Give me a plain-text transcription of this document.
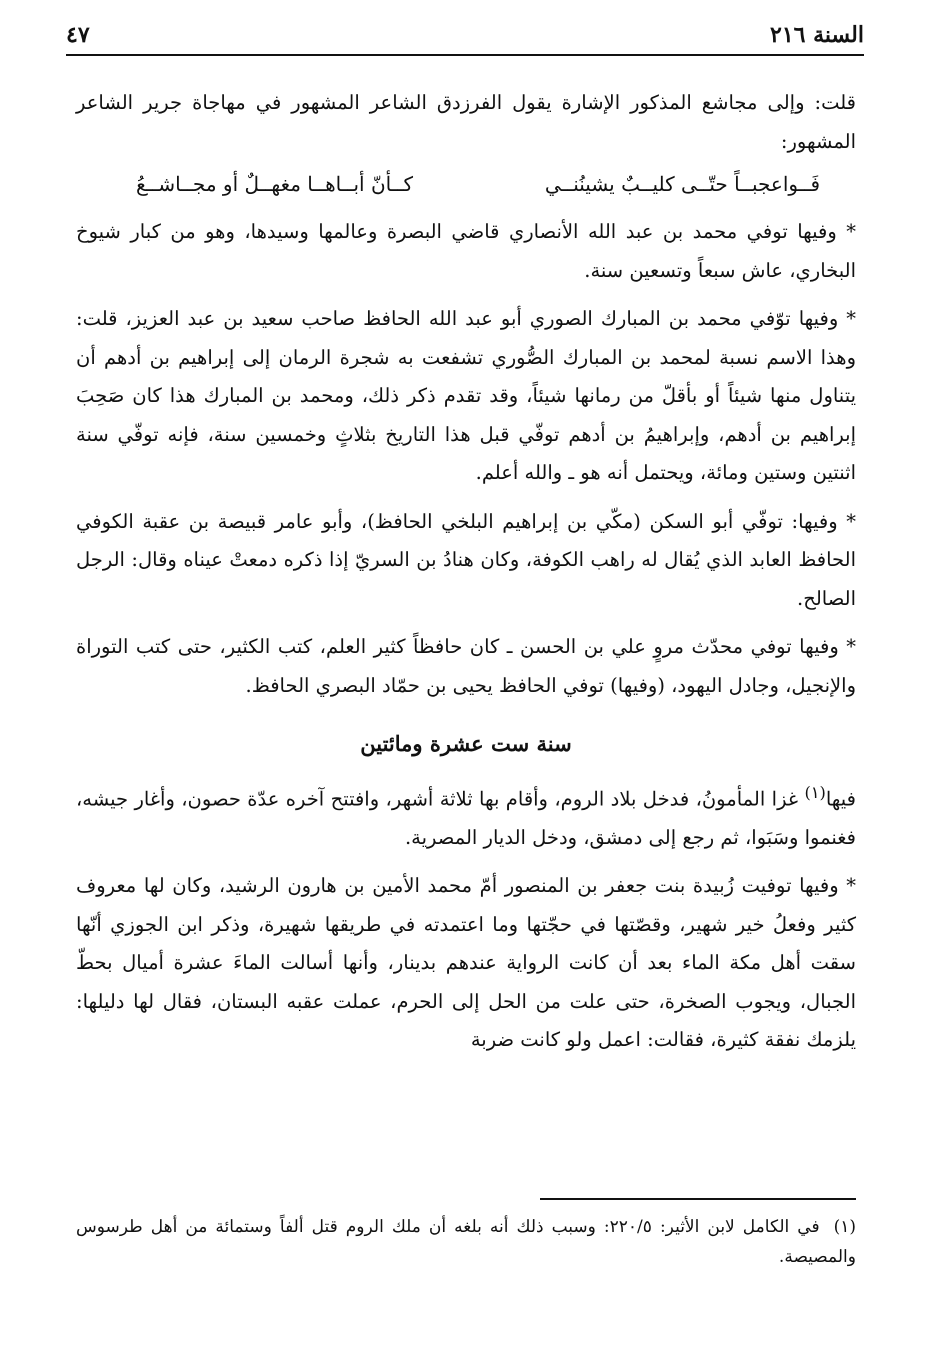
السنة ٢١٦
٤٧

قلت: وإلى مجاشع المذكور الإشارة يقول الفرزدق الشاعر المشهور في مهاجاة جرير الشاعر المشهور:

فَــواعجبــاً حتّــى كليــبٌ يشينُنــي
كــأنّ أبــاهــا مغهــلٌ أو مجــاشــعُ

* وفيها توفي محمد بن عبد الله الأنصاري قاضي البصرة وعالمها وسيدها، وهو من كبار شيوخ البخاري، عاش سبعاً وتسعين سنة.

* وفيها توّفي محمد بن المبارك الصوري أبو عبد الله الحافظ صاحب سعيد بن عبد العزيز، قلت: وهذا الاسم نسبة لمحمد بن المبارك الصُّوري تشفعت به شجرة الرمان إلى إبراهيم بن أدهم أن يتناول منها شيئاً أو بأقلّ من رمانها شيئاً، وقد تقدم ذكر ذلك، ومحمد بن المبارك هذا كان صَحِبَ إبراهيم بن أدهم، وإبراهيمُ بن أدهم توفّي قبل هذا التاريخ بثلاثٍ وخمسين سنة، فإنه توفّي سنة اثنتين وستين ومائة، ويحتمل أنه هو ـ والله أعلم.

* وفيها: توفّي أبو السكن (مكّي بن إبراهيم البلخي الحافظ)، وأبو عامر قبيصة بن عقبة الكوفي الحافظ العابد الذي يُقال له راهب الكوفة، وكان هنادُ بن السريّ إذا ذكره دمعتْ عيناه وقال: الرجل الصالح.

* وفيها توفي محدّث مروٍ علي بن الحسن ـ كان حافظاً كثير العلم، كتب الكثير، حتى كتب التوراة والإنجيل، وجادل اليهود، (وفيها) توفي الحافظ يحيى بن حمّاد البصري الحافظ.

سنة ست عشرة ومائتين

فيها$^{(١)}$ غزا المأمونُ، فدخل بلاد الروم، وأقام بها ثلاثة أشهر، وافتتح آخره عدّة حصون، وأغار جيشه، فغنموا وسَبَوا، ثم رجع إلى دمشق، ودخل الديار المصرية.

* وفيها توفيت زُبيدة بنت جعفر بن المنصور أمّ محمد الأمين بن هارون الرشيد، وكان لها معروف كثير وفعلُ خير شهير، وقصّتها في حجّتها وما اعتمدته في طريقها شهيرة، وذكر ابن الجوزي أنّها سقت أهل مكة الماء بعد أن كانت الرواية عندهم بدينار، وأنها أسالت الماءَ عشرة أميال بحطّ الجبال، ويجوب الصخرة، حتى علت من الحل إلى الحرم، عملت عقبه البستان، فقال لها دليلها: يلزمك نفقة كثيرة، فقالت: اعمل ولو كانت ضربة

(١)في الكامل لابن الأثير: ٢٢٠/٥: وسبب ذلك أنه بلغه أن ملك الروم قتل ألفاً وستمائة من أهل طرسوس والمصيصة.
